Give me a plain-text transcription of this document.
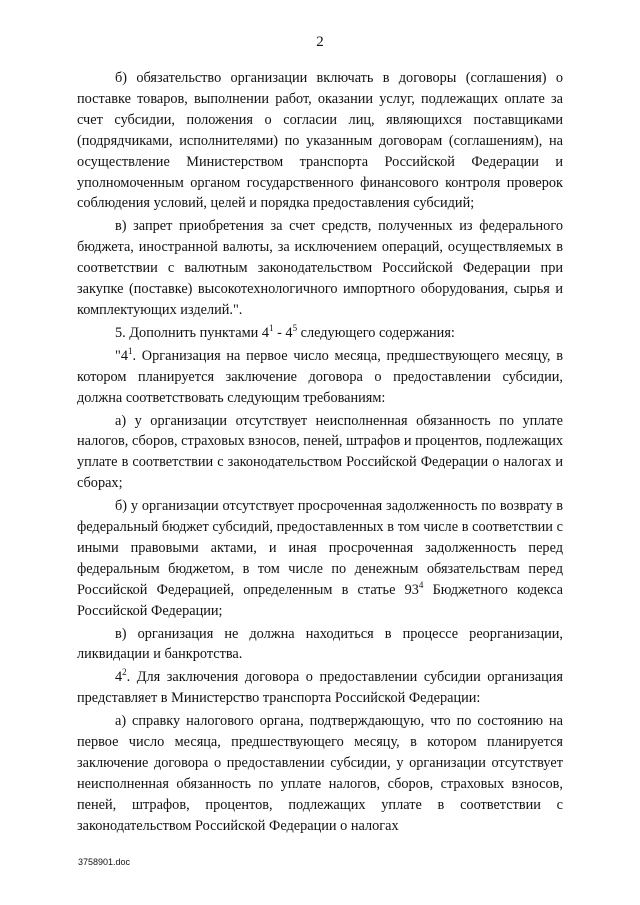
2

б) обязательство организации включать в договоры (соглашения) о поставке товаров, выполнении работ, оказании услуг, подлежащих оплате за счет субсидии, положения о согласии лиц, являющихся поставщиками (подрядчиками, исполнителями) по указанным договорам (соглашениям), на осуществление Министерством транспорта Российской Федерации и уполномоченным органом государственного финансового контроля проверок соблюдения условий, целей и порядка предоставления субсидий;

в) запрет приобретения за счет средств, полученных из федерального бюджета, иностранной валюты, за исключением операций, осуществляемых в соответствии с валютным законодательством Российской Федерации при закупке (поставке) высокотехнологичного импортного оборудования, сырья и комплектующих изделий.".

5. Дополнить пунктами $4^1 - 4^5$ следующего содержания:

"$4^1$. Организация на первое число месяца, предшествующего месяцу, в котором планируется заключение договора о предоставлении субсидии, должна соответствовать следующим требованиям:

а) у организации отсутствует неисполненная обязанность по уплате налогов, сборов, страховых взносов, пеней, штрафов и процентов, подлежащих уплате в соответствии с законодательством Российской Федерации о налогах и сборах;

б) у организации отсутствует просроченная задолженность по возврату в федеральный бюджет субсидий, предоставленных в том числе в соответствии с иными правовыми актами, и иная просроченная задолженность перед федеральным бюджетом, в том числе по денежным обязательствам перед Российской Федерацией, определенным в статье $93^4$ Бюджетного кодекса Российской Федерации;

в) организация не должна находиться в процессе реорганизации, ликвидации и банкротства.

$4^2$. Для заключения договора о предоставлении субсидии организация представляет в Министерство транспорта Российской Федерации:

а) справку налогового органа, подтверждающую, что по состоянию на первое число месяца, предшествующего месяцу, в котором планируется заключение договора о предоставлении субсидии, у организации отсутствует неисполненная обязанность по уплате налогов, сборов, страховых взносов, пеней, штрафов, процентов, подлежащих уплате в соответствии с законодательством Российской Федерации о налогах

3758901.doc
